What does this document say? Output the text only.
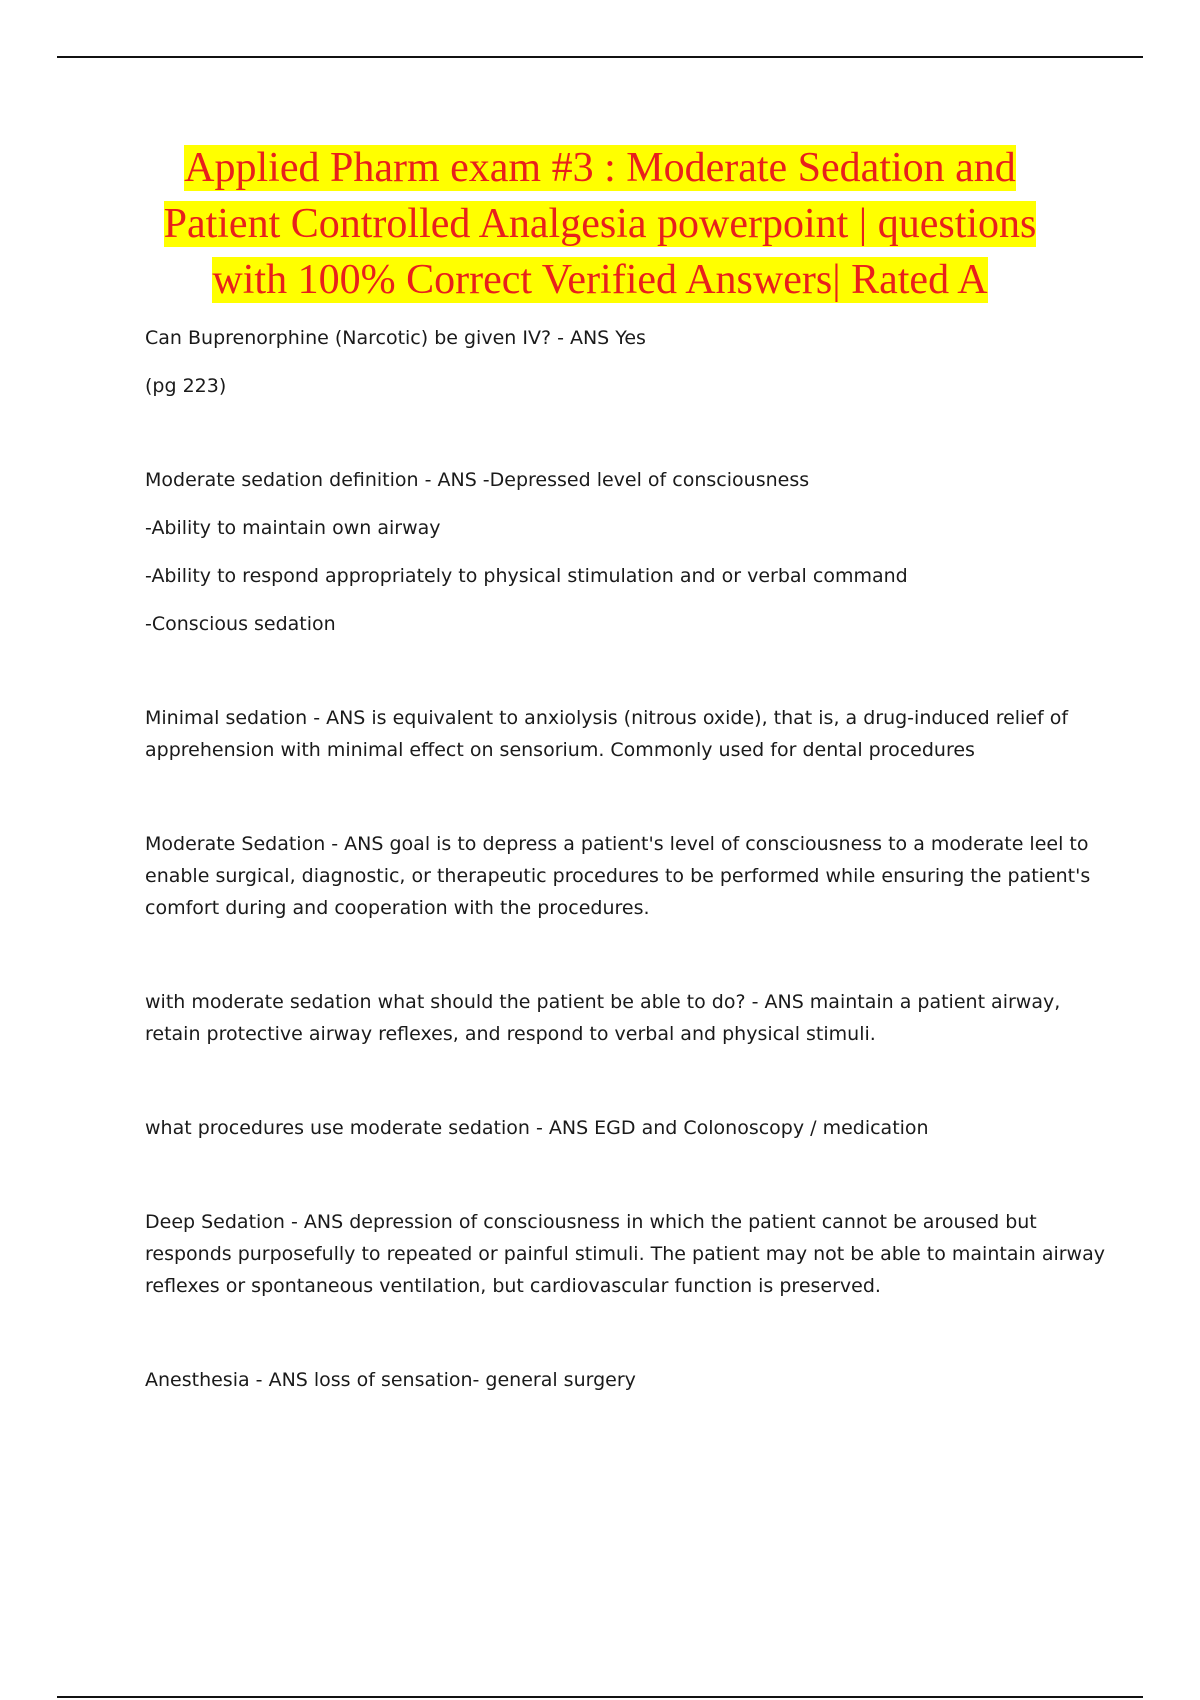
Applied Pharm exam #3 : Moderate Sedation and
Patient Controlled Analgesia powerpoint | questions
with 100% Correct Verified Answers| Rated A

Can Buprenorphine (Narcotic) be given IV? - ANS Yes

(pg 223)

Moderate sedation definition - ANS -Depressed level of consciousness

-Ability to maintain own airway

-Ability to respond appropriately to physical stimulation and or verbal command

-Conscious sedation

Minimal sedation - ANS is equivalent to anxiolysis (nitrous oxide), that is, a drug-induced relief of apprehension with minimal effect on sensorium. Commonly used for dental procedures

Moderate Sedation - ANS goal is to depress a patient's level of consciousness to a moderate leel to enable surgical, diagnostic, or therapeutic procedures to be performed while ensuring the patient's comfort during and cooperation with the procedures.

with moderate sedation what should the patient be able to do? - ANS maintain a patient airway, retain protective airway reflexes, and respond to verbal and physical stimuli.

what procedures use moderate sedation - ANS EGD and Colonoscopy / medication

Deep Sedation - ANS depression of consciousness in which the patient cannot be aroused but responds purposefully to repeated or painful stimuli. The patient may not be able to maintain airway reflexes or spontaneous ventilation, but cardiovascular function is preserved.

Anesthesia - ANS loss of sensation- general surgery
